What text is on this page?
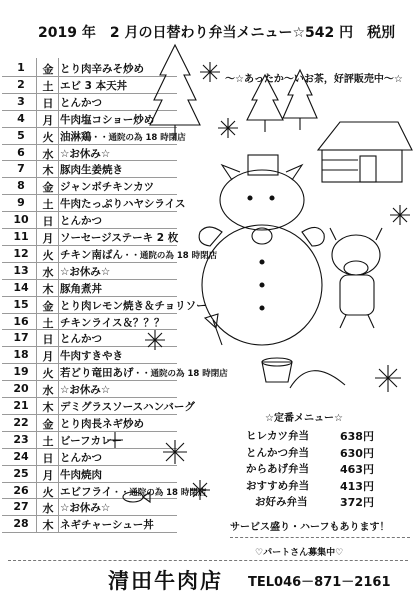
2019 年　2 月の日替わり弁当メニュー☆542 円　税別
1	金 とり肉辛みそ炒め
2	土 エビ 3 本天丼
3	日 とんかつ
4	月 牛肉塩コショー炒め
5	火 油淋鶏・・通院の為 18 時閉店
6	水 ☆お休み☆
7	木 豚肉生姜焼き
8	金 ジャンボチキンカツ
9	土 牛肉たっぷりハヤシライス
10	日 とんかつ
11	月 ソーセージステーキ 2 枚
12	火 チキン南ばん・・通院の為 18 時閉店
13	水 ☆お休み☆
14	木 豚角煮丼
15	金 とり肉レモン焼き＆チョリソー
16	土 チキンライス＆？？？
17	日 とんかつ
18	月 牛肉すきやき
19	火 若どり竜田あげ・・通院の為 18 時閉店
20	水 ☆お休み☆
21	木 デミグラスソースハンバーグ
22	金 とり肉長ネギ炒め
23	土 ビーフカレー
24	日 とんかつ
25	月 牛肉焼肉
26	火 エビフライ・・通院の為 18 時閉店
27	水 ☆お休み☆
28	木 ネギチャーシュー丼
～☆あったか～いお茶，好評販売中～☆
☆定番メニュー☆
ヒレカツ弁当	638円
とんかつ弁当	630円
からあげ弁当	463円
おすすめ弁当	413円
お好み弁当	372円
サービス盛り・ハーフもあります！
♡パートさん募集中♡
清田牛肉店 TEL046－871－2161
